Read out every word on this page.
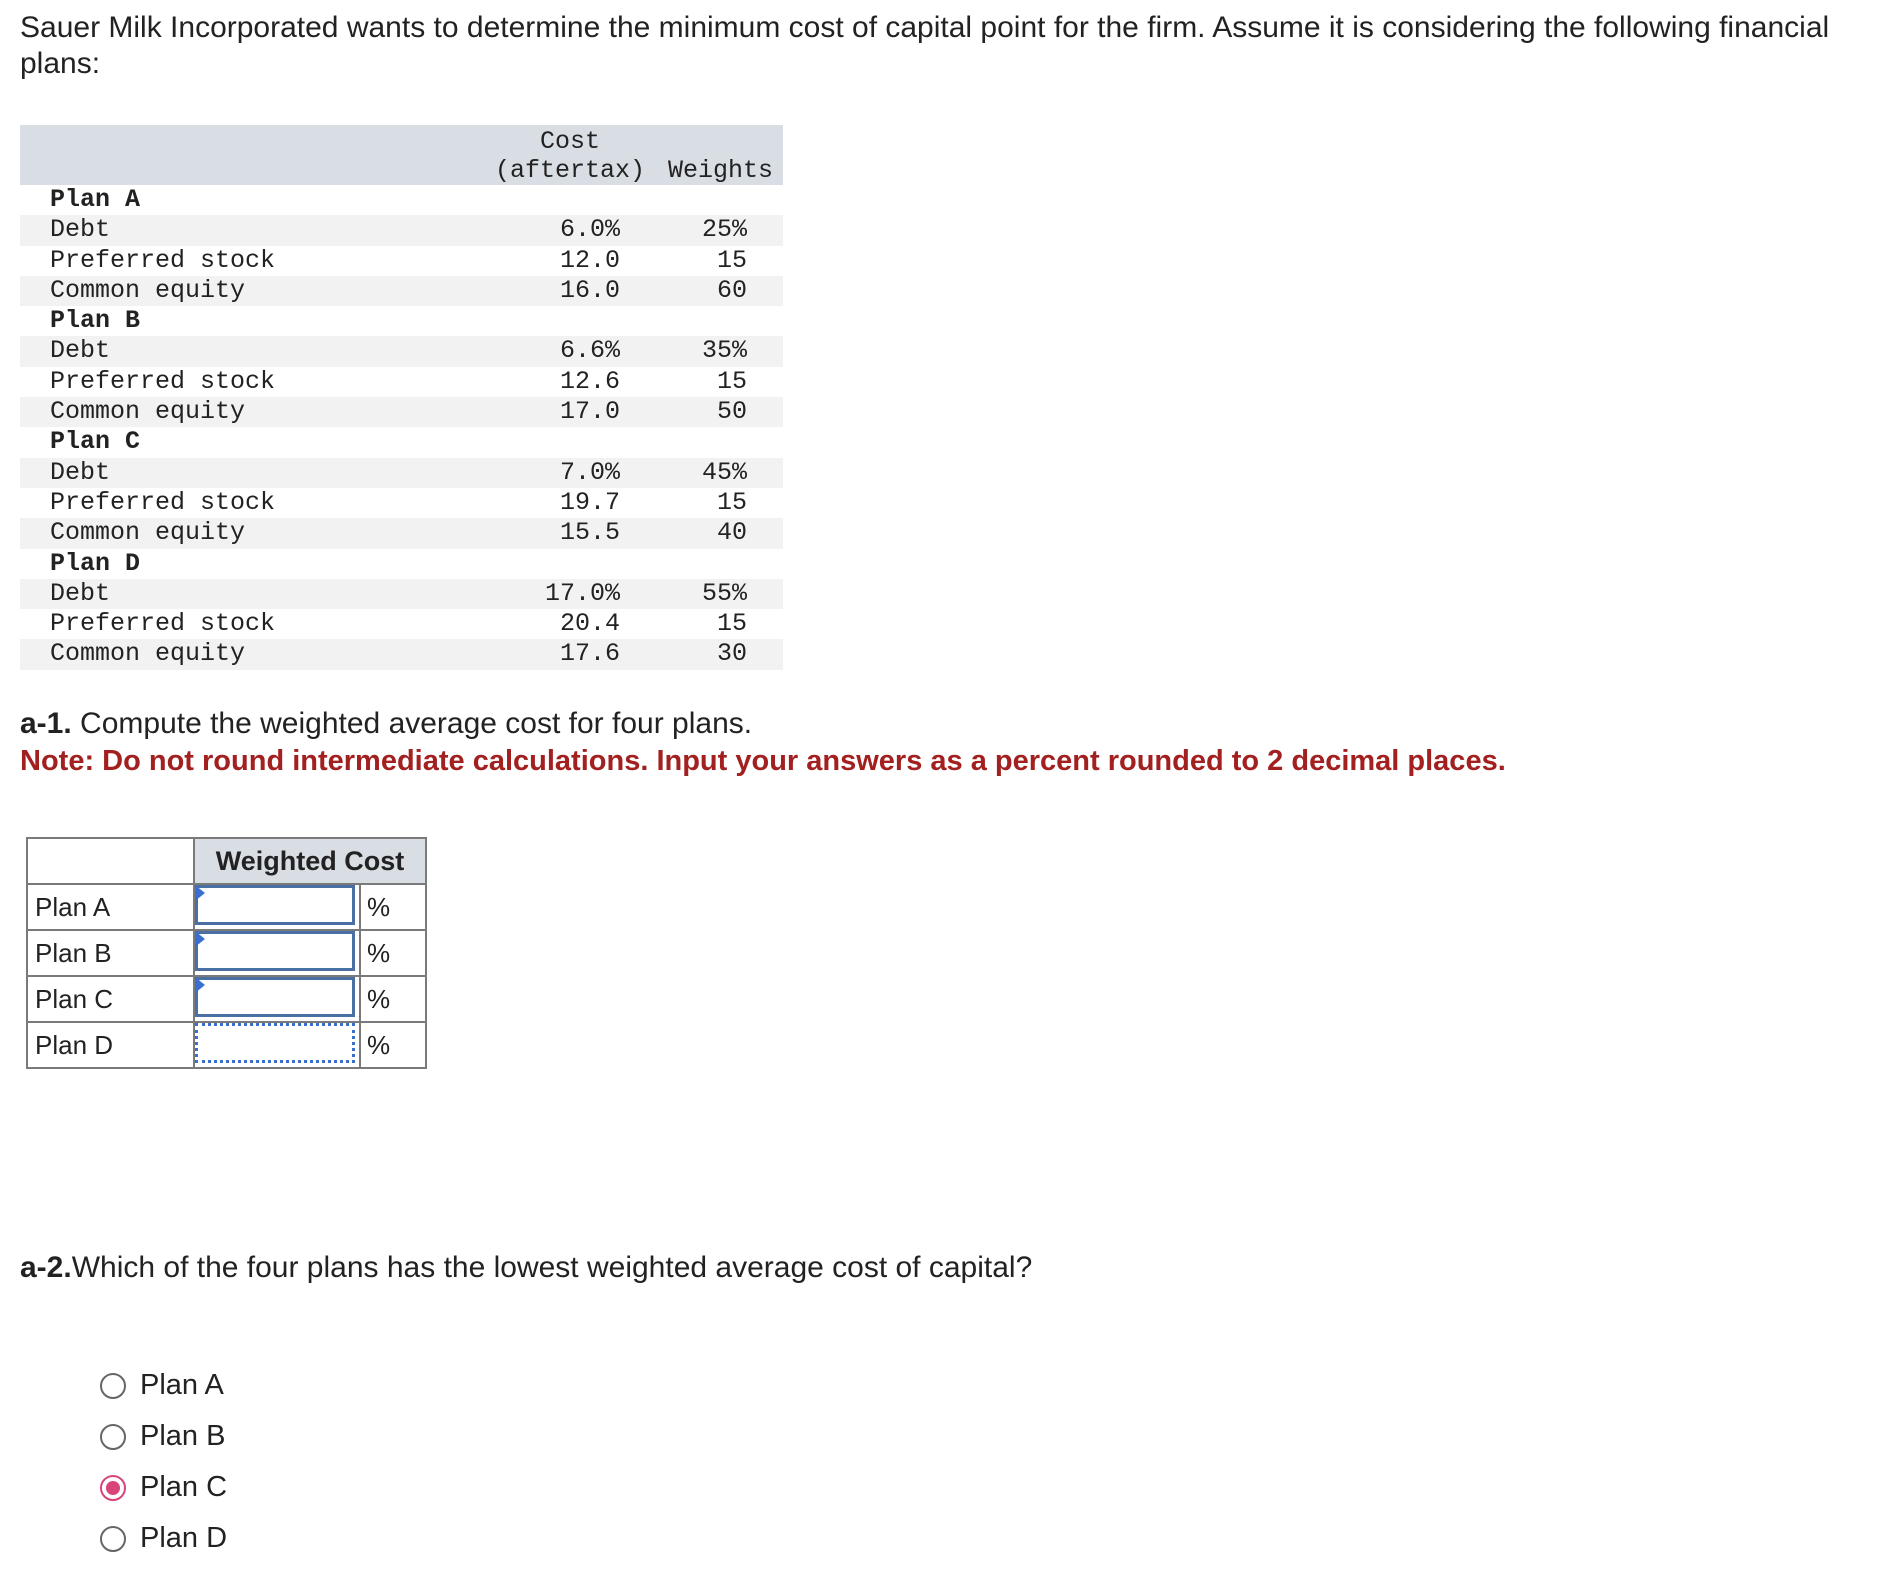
Sauer Milk Incorporated wants to determine the minimum cost of capital point for the firm. Assume it is considering the following financial plans:

Cost
(aftertax) Weights
Plan A
Debt	6.0%	25%
Preferred stock	12.0	15
Common equity	16.0	60
Plan B
Debt	6.6%	35%
Preferred stock	12.6	15
Common equity	17.0	50
Plan C
Debt	7.0%	45%
Preferred stock	19.7	15
Common equity	15.5	40
Plan D
Debt	17.0%	55%
Preferred stock	20.4	15
Common equity	17.6	30

a-1. Compute the weighted average cost for four plans.

Note: Do not round intermediate calculations. Input your answers as a percent rounded to 2 decimal places.

	Weighted Cost	
Plan A		%
Plan B		%
Plan C		%
Plan D		%

a-2.Which of the four plans has the lowest weighted average cost of capital?

Plan A
Plan B
Plan C
Plan D
